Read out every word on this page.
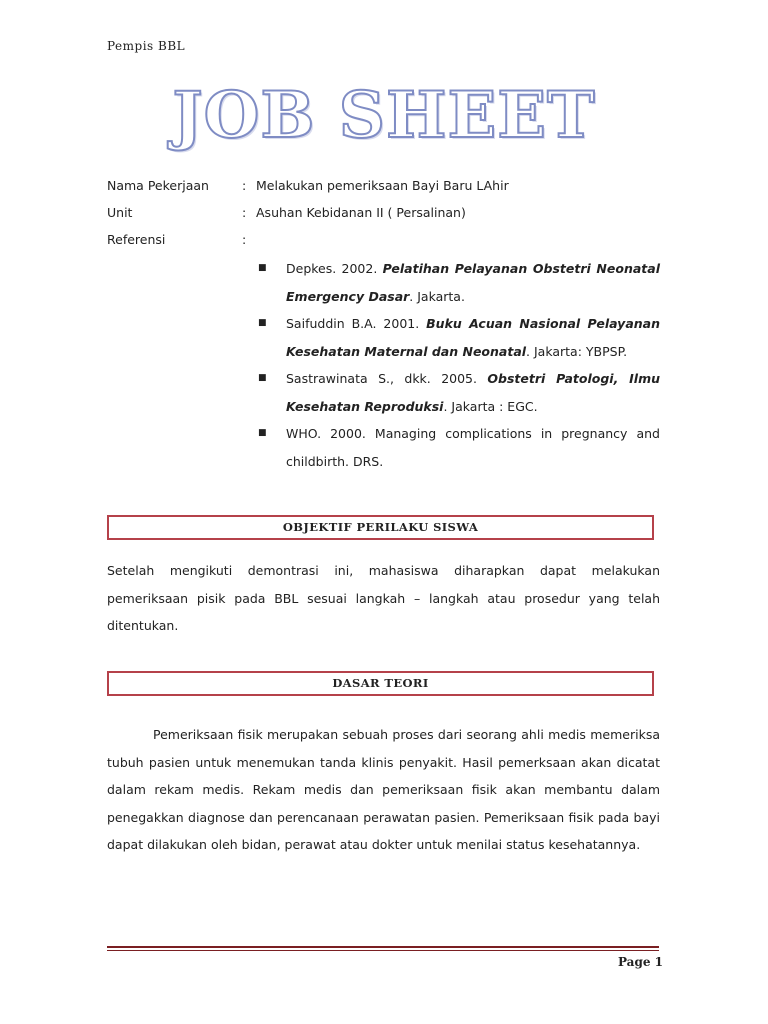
Pempis BBL
JOB SHEET
Nama Pekerjaan	: Melakukan pemeriksaan Bayi Baru LAhir
Unit	: Asuhan Kebidanan II ( Persalinan)
Referensi	:
■ Depkes. 2002. Pelatihan Pelayanan Obstetri Neonatal Emergency Dasar. Jakarta.
■ Saifuddin B.A. 2001. Buku Acuan Nasional Pelayanan Kesehatan Maternal dan Neonatal. Jakarta: YBPSP.
■ Sastrawinata S., dkk. 2005. Obstetri Patologi, Ilmu Kesehatan Reproduksi. Jakarta : EGC.
■ WHO. 2000. Managing complications in pregnancy and childbirth. DRS.
OBJEKTIF PERILAKU SISWA

Setelah mengikuti demontrasi ini, mahasiswa diharapkan dapat melakukan pemeriksaan pisik pada BBL sesuai langkah – langkah atau prosedur yang telah ditentukan.

DASAR TEORI

Pemeriksaan fisik merupakan sebuah proses dari seorang ahli medis memeriksa tubuh pasien untuk menemukan tanda klinis penyakit. Hasil pemerksaan akan dicatat dalam rekam medis. Rekam medis dan pemeriksaan fisik akan membantu dalam penegakkan diagnose dan perencanaan perawatan pasien. Pemeriksaan fisik pada bayi dapat dilakukan oleh bidan, perawat atau dokter untuk menilai status kesehatannya.

Page 1
